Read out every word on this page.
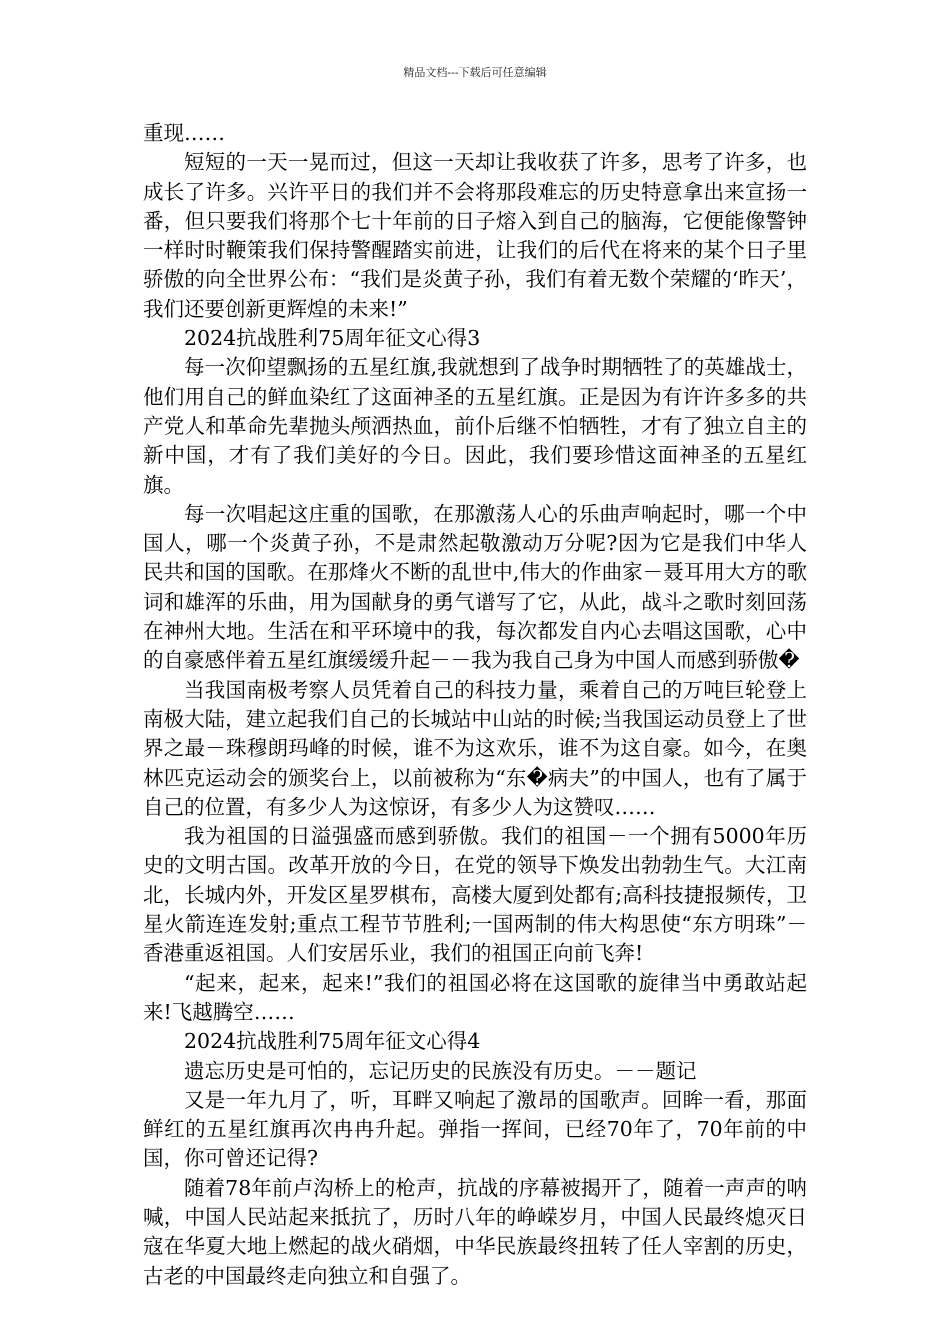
精品文档---下载后可任意编辑

重现……

短短的一天一晃而过，但这一天却让我收获了许多，思考了许多，也成长了许多。兴许平日的我们并不会将那段难忘的历史特意拿出来宣扬一番，但只要我们将那个七十年前的日子熔入到自己的脑海，它便能像警钟一样时时鞭策我们保持警醒踏实前进，让我们的后代在将来的某个日子里骄傲的向全世界公布：“我们是炎黄子孙，我们有着无数个荣耀的‘昨天’，我们还要创新更辉煌的未来!”

2024抗战胜利75周年征文心得3

每一次仰望飘扬的五星红旗,我就想到了战争时期牺牲了的英雄战士，他们用自己的鲜血染红了这面神圣的五星红旗。正是因为有许许多多的共产党人和革命先辈抛头颅洒热血，前仆后继不怕牺牲，才有了独立自主的新中国，才有了我们美好的今日。因此，我们要珍惜这面神圣的五星红旗。

每一次唱起这庄重的国歌，在那激荡人心的乐曲声响起时，哪一个中国人，哪一个炎黄子孙，不是肃然起敬激动万分呢?因为它是我们中华人民共和国的国歌。在那烽火不断的乱世中,伟大的作曲家－聂耳用大方的歌词和雄浑的乐曲，用为国献身的勇气谱写了它，从此，战斗之歌时刻回荡在神州大地。生活在和平环境中的我，每次都发自内心去唱这国歌，心中的自豪感伴着五星红旗缓缓升起－－我为我自己身为中国人而感到骄傲�

当我国南极考察人员凭着自己的科技力量，乘着自己的万吨巨轮登上南极大陆，建立起我们自己的长城站中山站的时候;当我国运动员登上了世界之最－珠穆朗玛峰的时候，谁不为这欢乐，谁不为这自豪。如今，在奥林匹克运动会的颁奖台上，以前被称为“东�病夫”的中国人，也有了属于自己的位置，有多少人为这惊讶，有多少人为这赞叹……

我为祖国的日溢强盛而感到骄傲。我们的祖国－一个拥有5000年历史的文明古国。改革开放的今日，在党的领导下焕发出勃勃生气。大江南北，长城内外，开发区星罗棋布，高楼大厦到处都有;高科技捷报频传，卫星火箭连连发射;重点工程节节胜利;一国两制的伟大构思使“东方明珠”－香港重返祖国。人们安居乐业，我们的祖国正向前飞奔!

“起来，起来，起来!”我们的祖国必将在这国歌的旋律当中勇敢站起来!飞越腾空……

2024抗战胜利75周年征文心得4

遗忘历史是可怕的，忘记历史的民族没有历史。－－题记

又是一年九月了，听，耳畔又响起了激昂的国歌声。回眸一看，那面鲜红的五星红旗再次冉冉升起。弹指一挥间，已经70年了，70年前的中国，你可曾还记得?

随着78年前卢沟桥上的枪声，抗战的序幕被揭开了，随着一声声的呐喊，中国人民站起来抵抗了，历时八年的峥嵘岁月，中国人民最终熄灭日寇在华夏大地上燃起的战火硝烟，中华民族最终扭转了任人宰割的历史，古老的中国最终走向独立和自强了。
